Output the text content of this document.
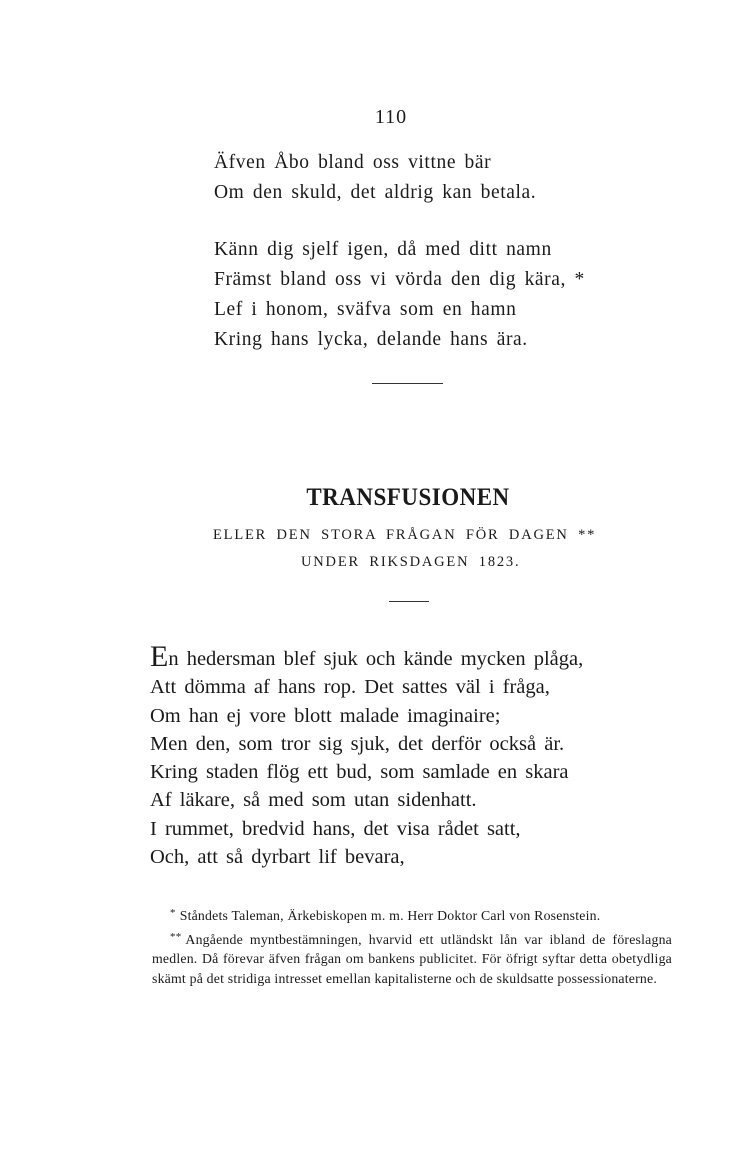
110
Äfven Åbo bland oss vittne bär
Om den skuld, det aldrig kan betala.
Känn dig sjelf igen, då med ditt namn
Främst bland oss vi vörda den dig kära, *
Lef i honom, sväfva som en hamn
Kring hans lycka, delande hans ära.
TRANSFUSIONEN
ELLER DEN STORA FRÅGAN FÖR DAGEN **
UNDER RIKSDAGEN 1823.
En hedersman blef sjuk och kände mycken plåga,
Att dömma af hans rop. Det sattes väl i fråga,
Om han ej vore blott malade imaginaire;
Men den, som tror sig sjuk, det derför också är.
Kring staden flög ett bud, som samlade en skara
Af läkare, så med som utan sidenhatt.
I rummet, bredvid hans, det visa rådet satt,
Och, att så dyrbart lif bevara,

* Ståndets Taleman, Ärkebiskopen m. m. Herr Doktor Carl von Rosenstein.

** Angående myntbestämningen, hvarvid ett utländskt lån var ibland de föreslagna medlen. Då förevar äfven frågan om bankens publicitet. För öfrigt syftar detta obetydliga skämt på det stridiga intresset emellan kapitalisterne och de skuldsatte possessionaterne.
